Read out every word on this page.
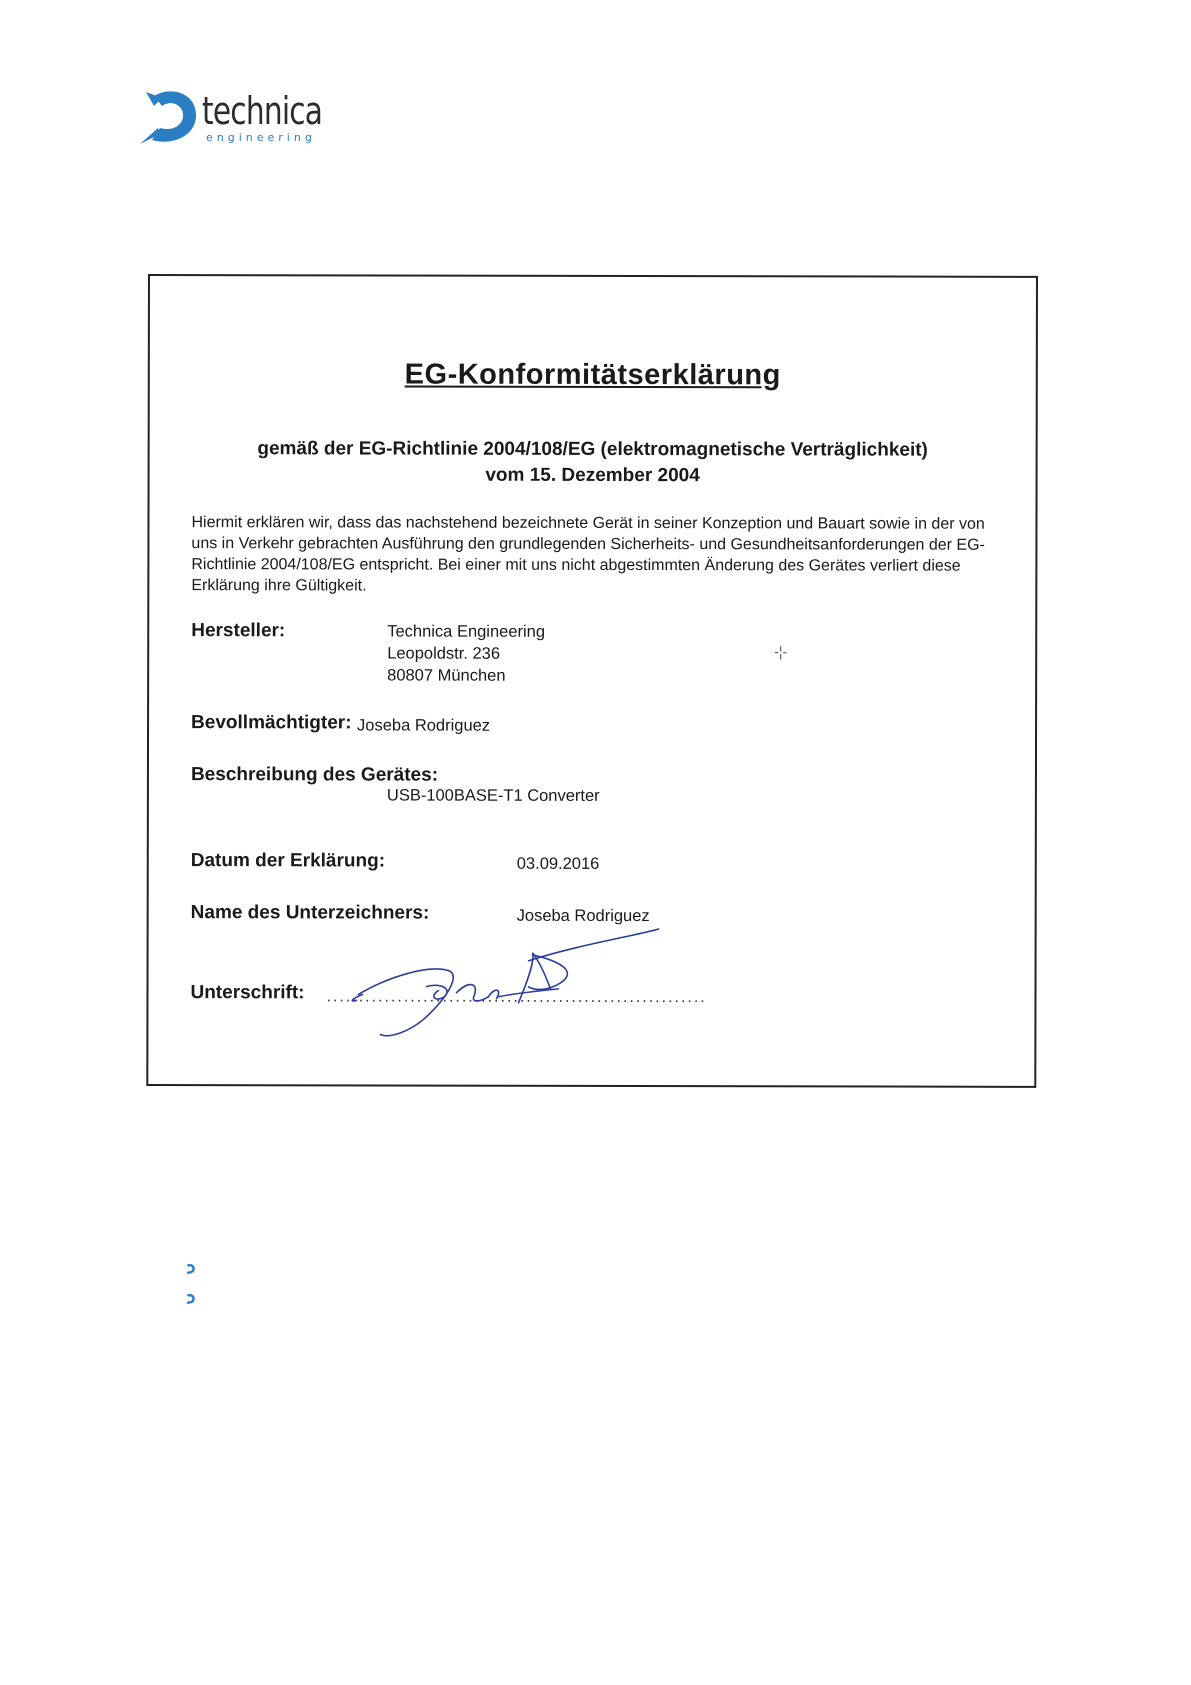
technica
engineering
EG-Konformitätserklärung
gemäß der EG-Richtlinie 2004/108/EG (elektromagnetische Verträglichkeit)
vom 15. Dezember 2004
Hiermit erklären wir, dass das nachstehend bezeichnete Gerät in seiner Konzeption und Bauart sowie in der von uns in Verkehr gebrachten Ausführung den grundlegenden Sicherheits- und Gesundheitsanforderungen der EG-Richtlinie 2004/108/EG entspricht. Bei einer mit uns nicht abgestimmten Änderung des Gerätes verliert diese Erklärung ihre Gültigkeit.
Hersteller:	Technica Engineering
Leopoldstr. 236
80807 München
-¦-
Bevollmächtigter: Joseba Rodriguez
Beschreibung des Gerätes:
USB-100BASE-T1 Converter
Datum der Erklärung:	03.09.2016
Name des Unterzeichners:	Joseba Rodriguez
Unterschrift: ...........................................................
